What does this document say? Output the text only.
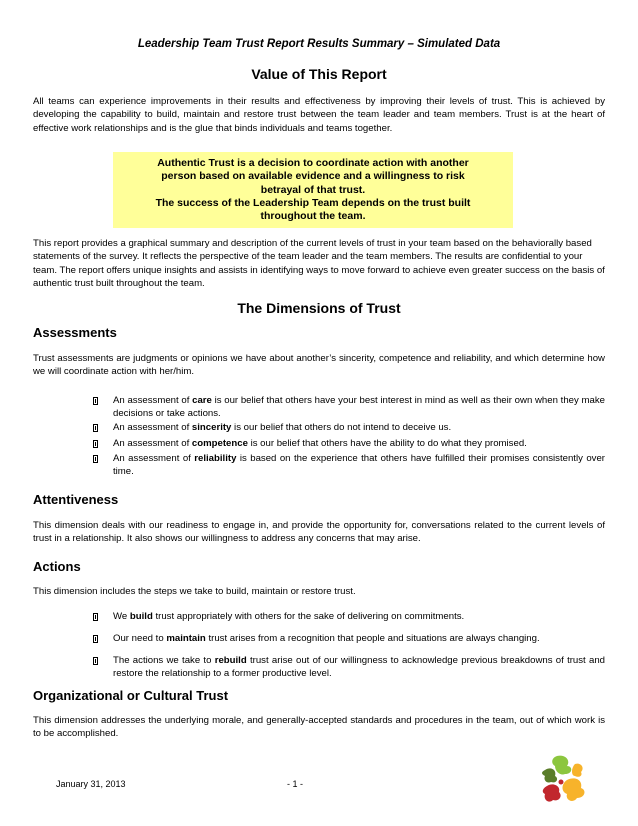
Leadership Team Trust Report Results Summary – Simulated Data
Value of This Report

All teams can experience improvements in their results and effectiveness by improving their levels of trust. This is achieved by developing the capability to build, maintain and restore trust between the team leader and team members. Trust is at the heart of effective work relationships and is the glue that binds individuals and teams together.

Authentic Trust is a decision to coordinate action with another
person based on available evidence and a willingness to risk
betrayal of that trust.
The success of the Leadership Team depends on the trust built
throughout the team.

This report provides a graphical summary and description of the current levels of trust in your team based on the behaviorally based statements of the survey. It reflects the perspective of the team leader and the team members. The results are confidential to your team. The report offers unique insights and assists in identifying ways to move forward to achieve even greater success on the basis of authentic trust built throughout the team.

The Dimensions of Trust
Assessments

Trust assessments are judgments or opinions we have about another’s sincerity, competence and reliability, and which determine how we will coordinate action with her/him.

An assessment of care is our belief that others have your best interest in mind as well as their own when they make decisions or take actions.
An assessment of sincerity is our belief that others do not intend to deceive us.
An assessment of competence is our belief that others have the ability to do what they promised.
An assessment of reliability is based on the experience that others have fulfilled their promises consistently over time.
Attentiveness

This dimension deals with our readiness to engage in, and provide the opportunity for, conversations related to the current levels of trust in a relationship. It also shows our willingness to address any concerns that may arise.

Actions

This dimension includes the steps we take to build, maintain or restore trust.

We build trust appropriately with others for the sake of delivering on commitments.
Our need to maintain trust arises from a recognition that people and situations are always changing.
The actions we take to rebuild trust arise out of our willingness to acknowledge previous breakdowns of trust and restore the relationship to a former productive level.
Organizational or Cultural Trust

This dimension addresses the underlying morale, and generally-accepted standards and procedures in the team, out of which work is to be accomplished.

January 31, 2013	- 1 -
